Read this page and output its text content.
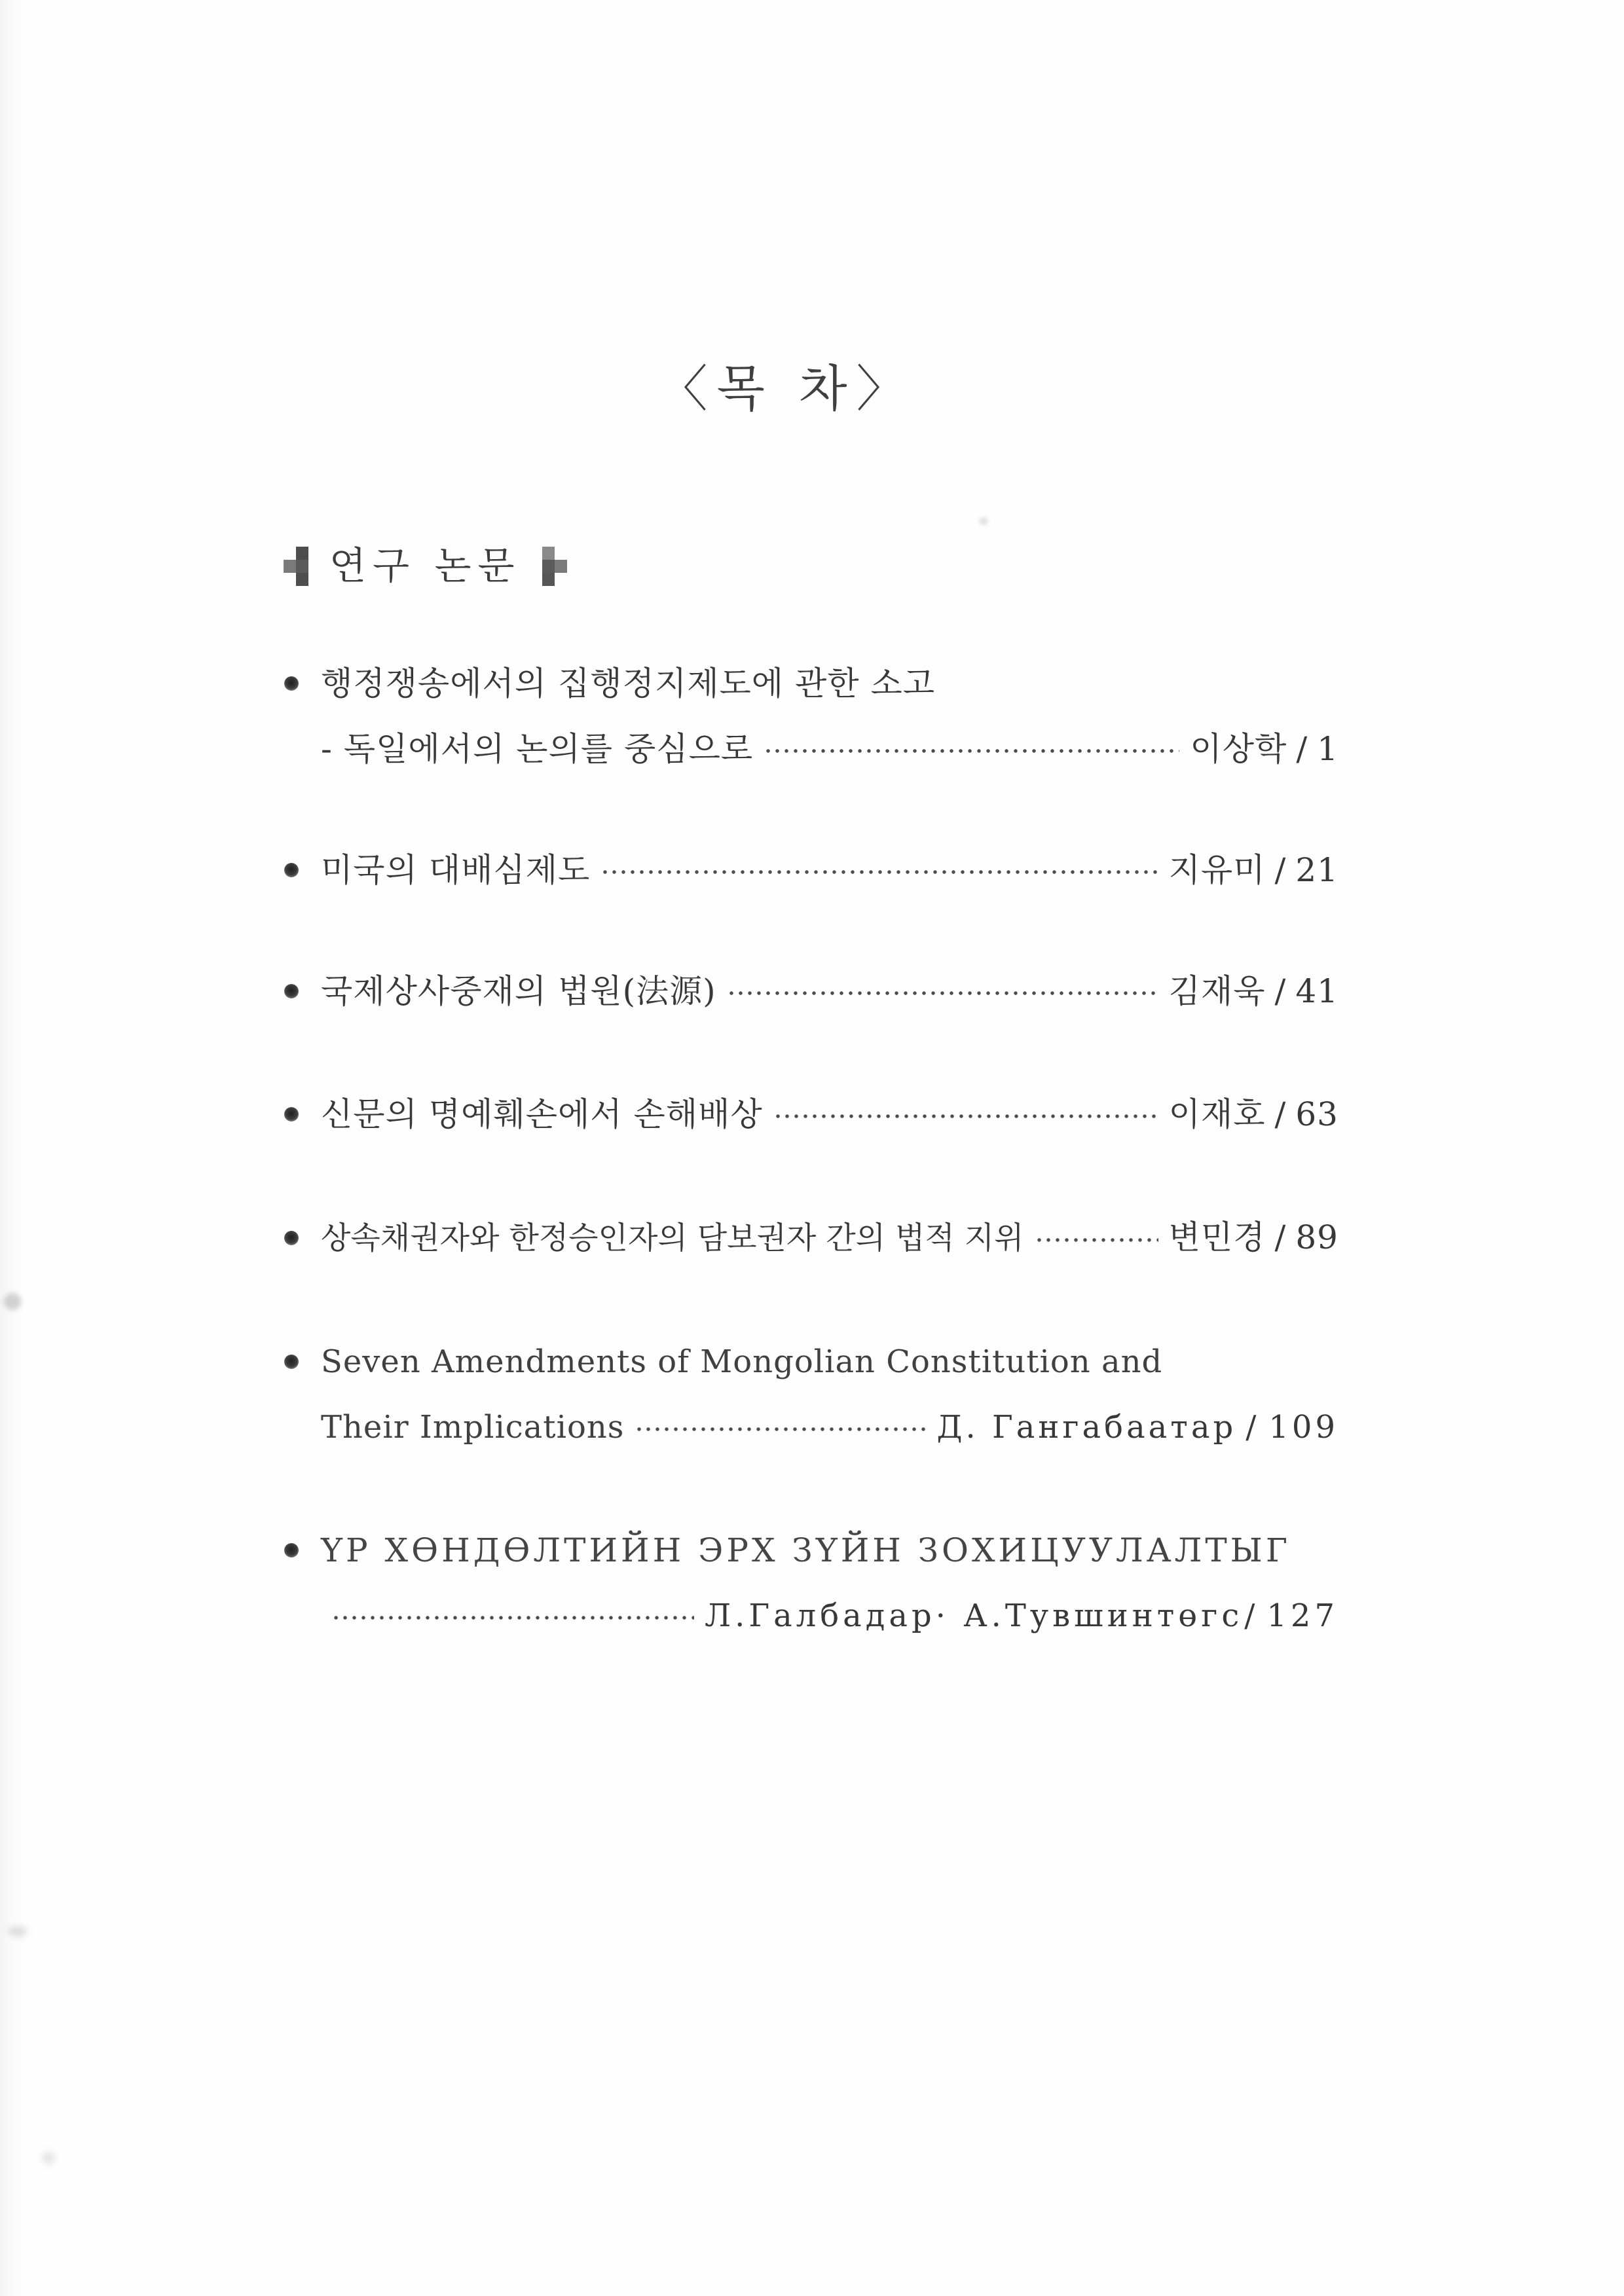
〈목 차〉
연구 논문
행정쟁송에서의 집행정지제도에 관한 소고
- 독일에서의 논의를 중심으로	이상학 / 1
미국의 대배심제도	지유미 / 21
국제상사중재의 법원(法源)	김재욱 / 41
신문의 명예훼손에서 손해배상	이재호 / 63
상속채권자와 한정승인자의 담보권자 간의 법적 지위	변민경 / 89
Seven Amendments of Mongolian Constitution and
Their Implications	Д. Гангабаатар / 109
ҮР ХӨНДӨЛТИЙН ЭРХ ЗҮЙН ЗОХИЦУУЛАЛТЫГ
Л.Галбадар· А.Тувшинтөгс/ 127
